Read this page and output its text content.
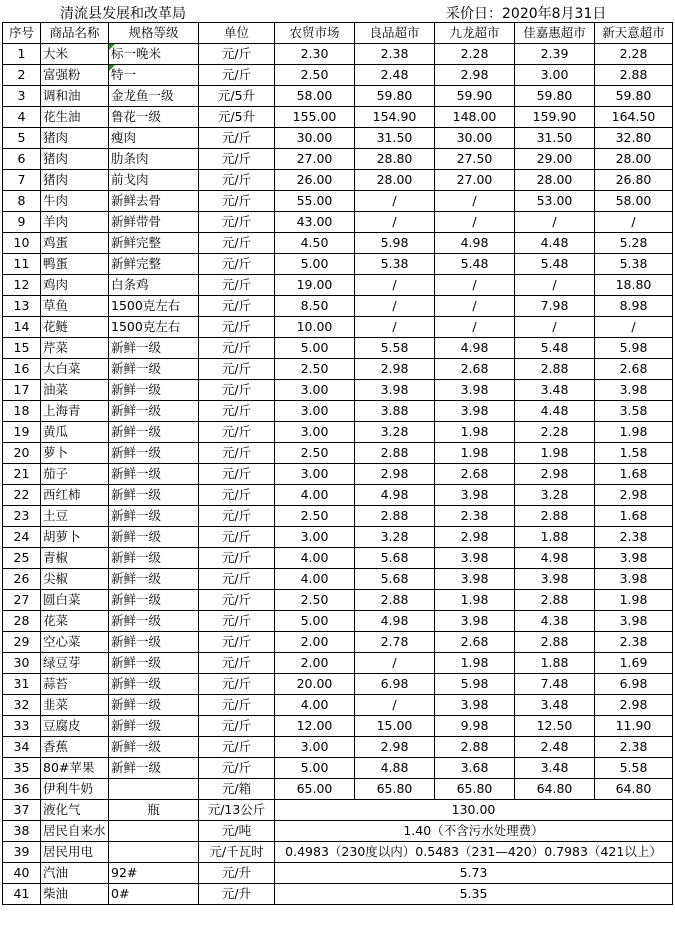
清流县发展和改革局	采价日：2020年8月31日
序号	商品名称	规格等级	单位	农贸市场	良品超市	九龙超市	佳嘉惠超市	新天意超市
1	大米	标一晚米	元/斤	2.30	2.38	2.28	2.39	2.28
2	富强粉	特一	元/斤	2.50	2.48	2.98	3.00	2.88
3	调和油	金龙鱼一级	元/5升	58.00	59.80	59.90	59.80	59.80
4	花生油	鲁花一级	元/5升	155.00	154.90	148.00	159.90	164.50
5	猪肉	瘦肉	元/斤	30.00	31.50	30.00	31.50	32.80
6	猪肉	肋条肉	元/斤	27.00	28.80	27.50	29.00	28.00
7	猪肉	前戈肉	元/斤	26.00	28.00	27.00	28.00	26.80
8	牛肉	新鲜去骨	元/斤	55.00	/	/	53.00	58.00
9	羊肉	新鲜带骨	元/斤	43.00	/	/	/	/
10	鸡蛋	新鲜完整	元/斤	4.50	5.98	4.98	4.48	5.28
11	鸭蛋	新鲜完整	元/斤	5.00	5.38	5.48	5.48	5.38
12	鸡肉	白条鸡	元/斤	19.00	/	/	/	18.80
13	草鱼	1500克左右	元/斤	8.50	/	/	7.98	8.98
14	花鲢	1500克左右	元/斤	10.00	/	/	/	/
15	芹菜	新鲜一级	元/斤	5.00	5.58	4.98	5.48	5.98
16	大白菜	新鲜一级	元/斤	2.50	2.98	2.68	2.88	2.68
17	油菜	新鲜一级	元/斤	3.00	3.98	3.98	3.48	3.98
18	上海青	新鲜一级	元/斤	3.00	3.88	3.98	4.48	3.58
19	黄瓜	新鲜一级	元/斤	3.00	3.28	1.98	2.28	1.98
20	萝卜	新鲜一级	元/斤	2.50	2.88	1.98	1.98	1.58
21	茄子	新鲜一级	元/斤	3.00	2.98	2.68	2.98	1.68
22	西红柿	新鲜一级	元/斤	4.00	4.98	3.98	3.28	2.98
23	土豆	新鲜一级	元/斤	2.50	2.88	2.38	2.88	1.68
24	胡萝卜	新鲜一级	元/斤	3.00	3.28	2.98	1.88	2.38
25	青椒	新鲜一级	元/斤	4.00	5.68	3.98	4.98	3.98
26	尖椒	新鲜一级	元/斤	4.00	5.68	3.98	3.98	3.98
27	圆白菜	新鲜一级	元/斤	2.50	2.88	1.98	2.88	1.98
28	花菜	新鲜一级	元/斤	5.00	4.98	3.98	4.38	3.98
29	空心菜	新鲜一级	元/斤	2.00	2.78	2.68	2.88	2.38
30	绿豆芽	新鲜一级	元/斤	2.00	/	1.98	1.88	1.69
31	蒜苔	新鲜一级	元/斤	20.00	6.98	5.98	7.48	6.98
32	韭菜	新鲜一级	元/斤	4.00	/	3.98	3.48	2.98
33	豆腐皮	新鲜一级	元/斤	12.00	15.00	9.98	12.50	11.90
34	香蕉	新鲜一级	元/斤	3.00	2.98	2.88	2.48	2.38
35	80#苹果	新鲜一级	元/斤	5.00	4.88	3.68	3.48	5.58
36	伊利牛奶		元/箱	65.00	65.80	65.80	64.80	64.80
37	液化气	瓶	元/13公斤	130.00				
38	居民自来水		元/吨	1.40（不含污水处理费）				
39	居民用电		元/千瓦时	0.4983（230度以内）0.5483（231—420）0.7983（421以上）				
40	汽油	92#	元/升	5.73				
41	柴油	0#	元/升	5.35				
